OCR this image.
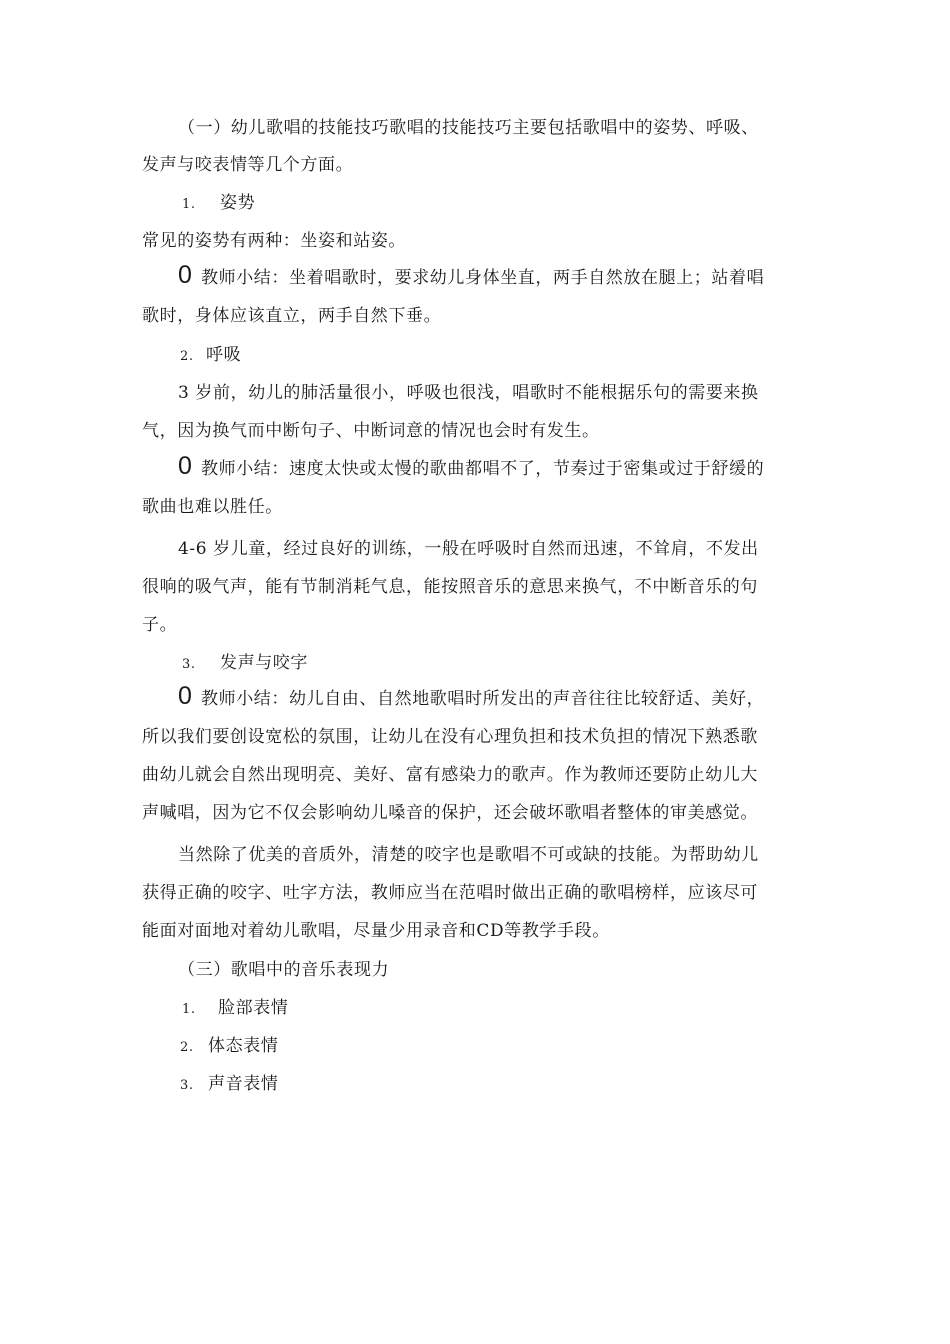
（一）幼儿歌唱的技能技巧歌唱的技能技巧主要包括歌唱中的姿势、呼吸、
发声与咬表情等几个方面。
1. 姿势
常见的姿势有两种：坐姿和站姿。
0 教师小结：坐着唱歌时，要求幼儿身体坐直，两手自然放在腿上；站着唱
歌时，身体应该直立，两手自然下垂。
2. 呼吸
3 岁前，幼儿的肺活量很小，呼吸也很浅，唱歌时不能根据乐句的需要来换
气，因为换气而中断句子、中断词意的情况也会时有发生。
0 教师小结：速度太快或太慢的歌曲都唱不了，节奏过于密集或过于舒缓的
歌曲也难以胜任。
4-6 岁儿童，经过良好的训练，一般在呼吸时自然而迅速，不耸肩，不发出
很响的吸气声，能有节制消耗气息，能按照音乐的意思来换气，不中断音乐的句
子。
3. 发声与咬字
0 教师小结：幼儿自由、自然地歌唱时所发出的声音往往比较舒适、美好，
所以我们要创设宽松的氛围，让幼儿在没有心理负担和技术负担的情况下熟悉歌
曲幼儿就会自然出现明亮、美好、富有感染力的歌声。作为教师还要防止幼儿大
声喊唱，因为它不仅会影响幼儿嗓音的保护，还会破坏歌唱者整体的审美感觉。
当然除了优美的音质外，清楚的咬字也是歌唱不可或缺的技能。为帮助幼儿
获得正确的咬字、吐字方法，教师应当在范唱时做出正确的歌唱榜样，应该尽可
能面对面地对着幼儿歌唱，尽量少用录音和CD等教学手段。
（三）歌唱中的音乐表现力
1. 脸部表情
2. 体态表情
3. 声音表情
